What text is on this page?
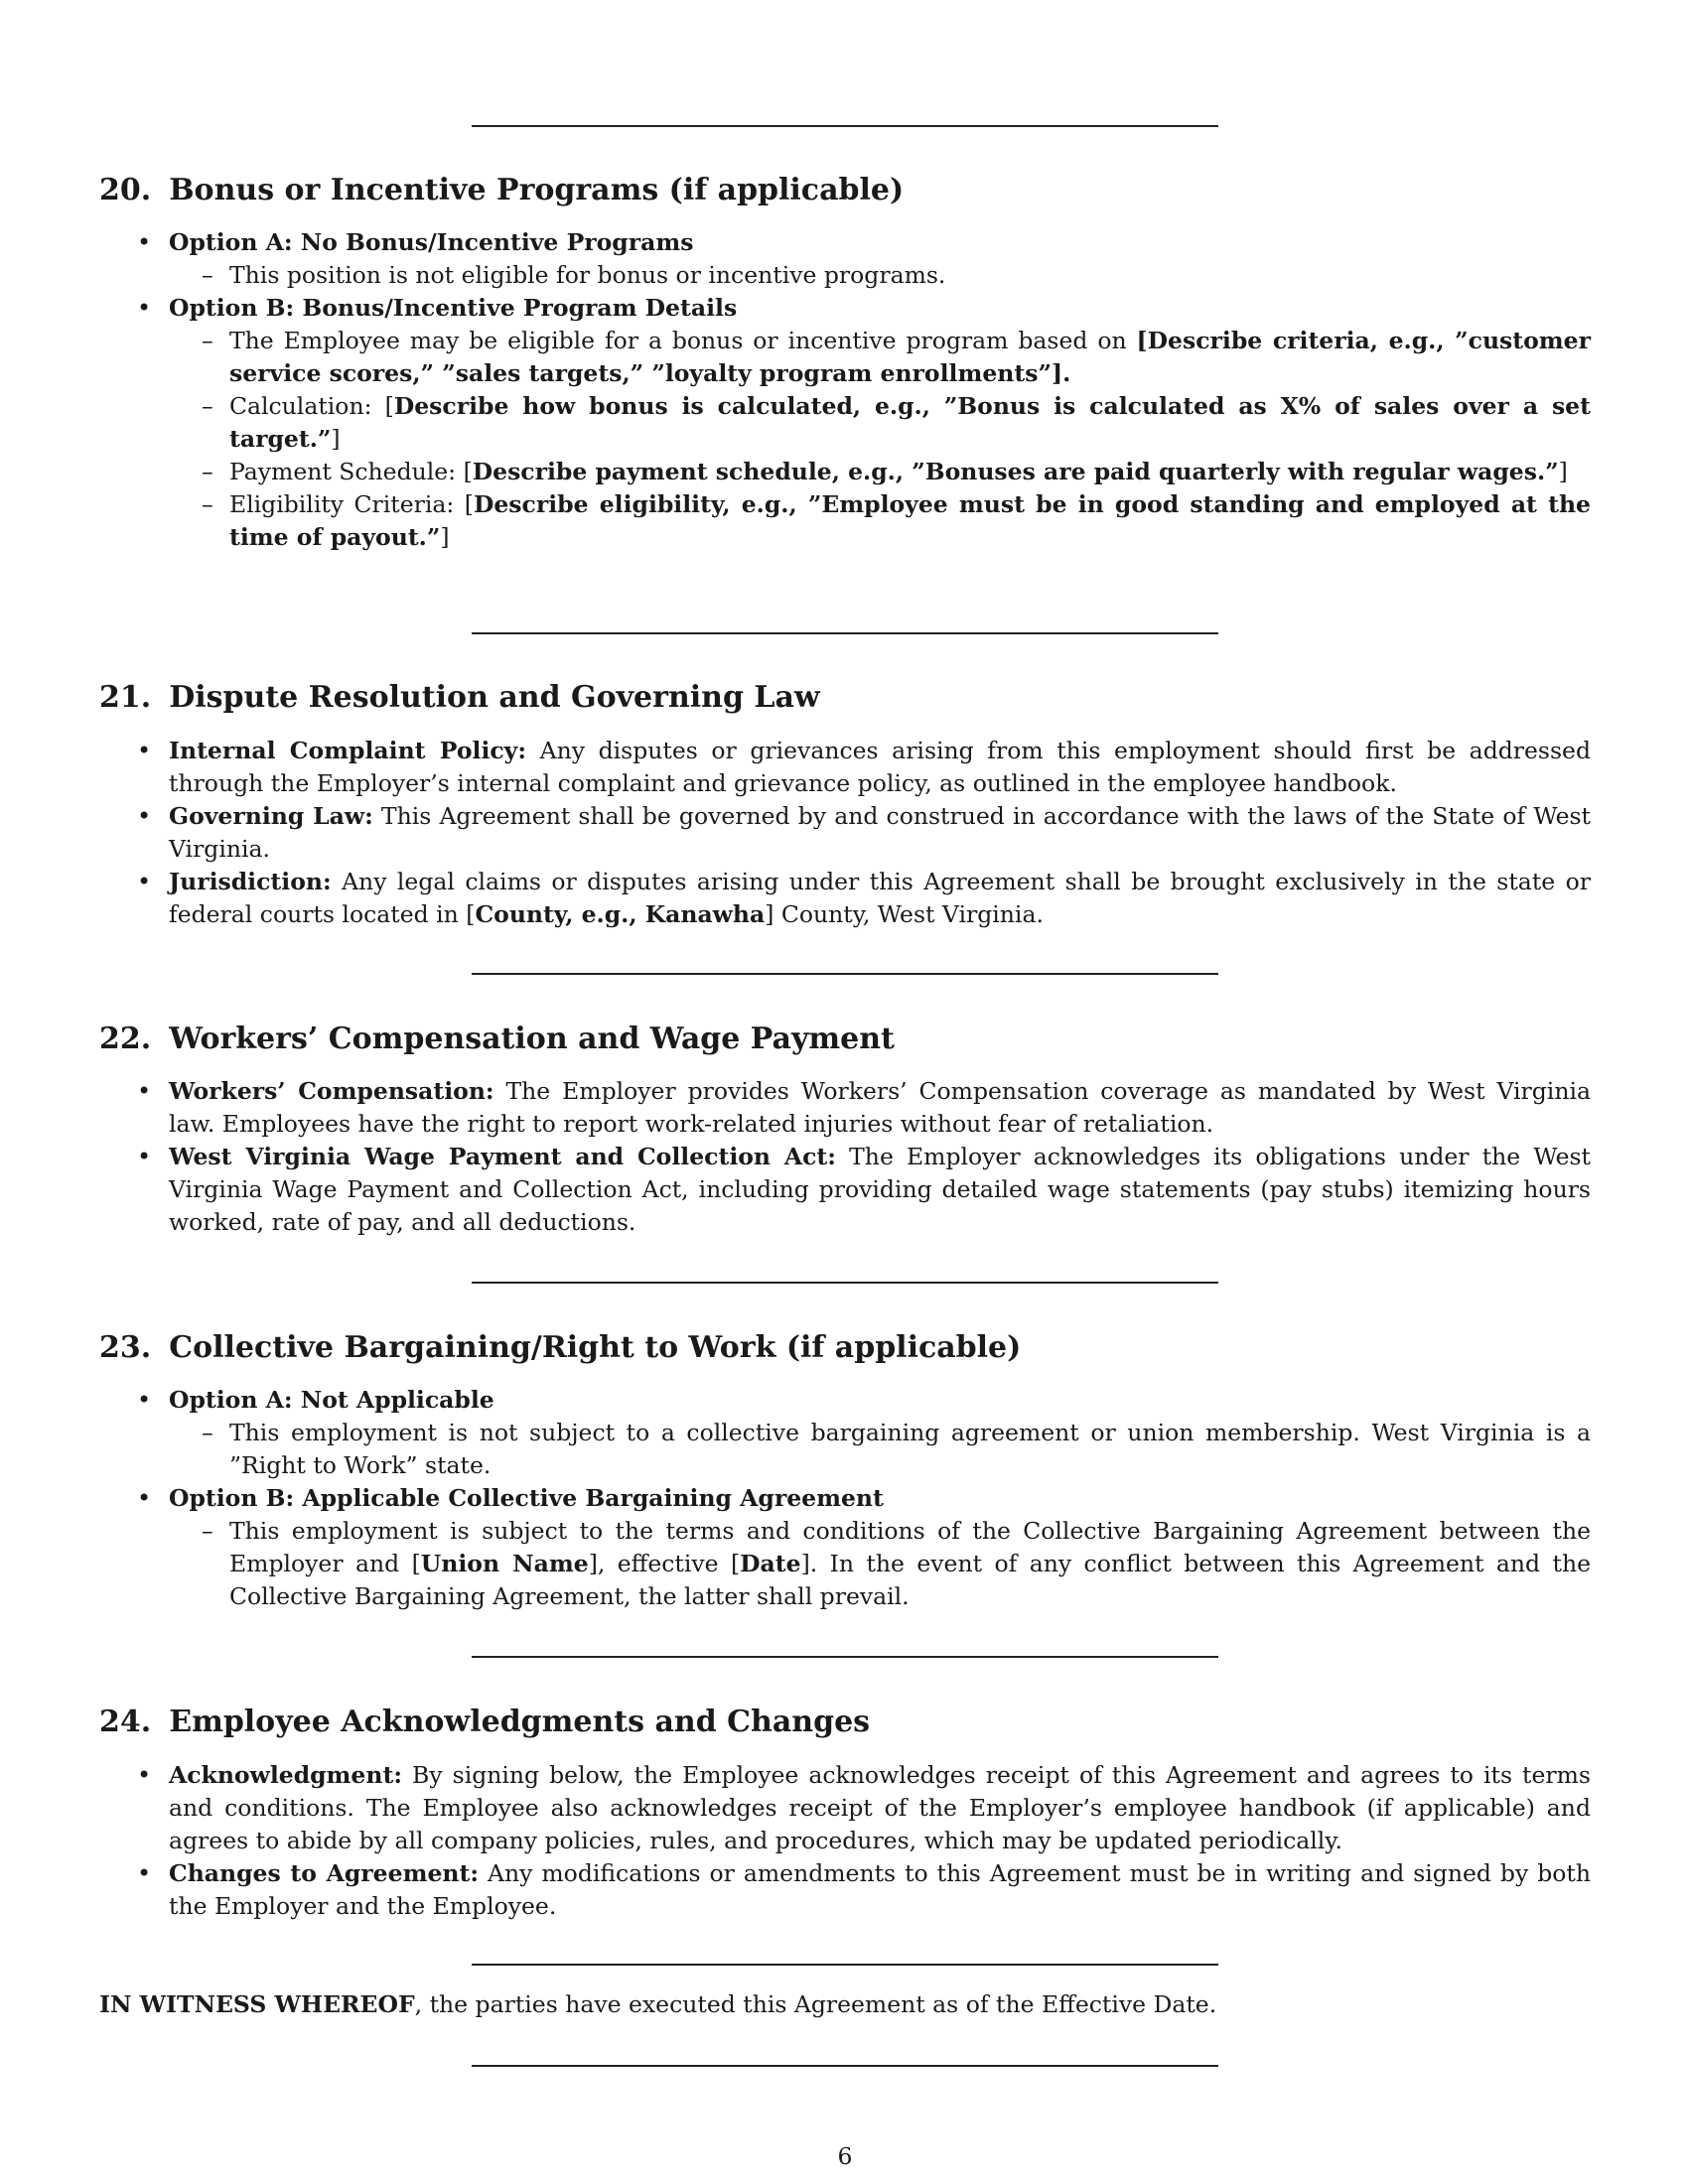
20. Bonus or Incentive Programs (if applicable)
• Option A: No Bonus/Incentive Programs
– This position is not eligible for bonus or incentive programs.
• Option B: Bonus/Incentive Program Details
– The Employee may be eligible for a bonus or incentive program based on [Describe criteria, e.g., ”customer service scores,” ”sales targets,” ”loyalty program enrollments”].
– Calculation: [Describe how bonus is calculated, e.g., ”Bonus is calculated as X% of sales over a set target.”]
– Payment Schedule: [Describe payment schedule, e.g., ”Bonuses are paid quarterly with regular wages.”]
– Eligibility Criteria: [Describe eligibility, e.g., ”Employee must be in good standing and employed at the time of payout.”]
21. Dispute Resolution and Governing Law
• Internal Complaint Policy: Any disputes or grievances arising from this employment should first be addressed through the Employer’s internal complaint and grievance policy, as outlined in the employee handbook.
• Governing Law: This Agreement shall be governed by and construed in accordance with the laws of the State of West Virginia.
• Jurisdiction: Any legal claims or disputes arising under this Agreement shall be brought exclusively in the state or federal courts located in [County, e.g., Kanawha] County, West Virginia.
22. Workers’ Compensation and Wage Payment
• Workers’ Compensation: The Employer provides Workers’ Compensation coverage as mandated by West Virginia law. Employees have the right to report work-related injuries without fear of retaliation.
• West Virginia Wage Payment and Collection Act: The Employer acknowledges its obligations under the West Virginia Wage Payment and Collection Act, including providing detailed wage statements (pay stubs) itemizing hours worked, rate of pay, and all deductions.
23. Collective Bargaining/Right to Work (if applicable)
• Option A: Not Applicable
– This employment is not subject to a collective bargaining agreement or union membership. West Virginia is a ”Right to Work” state.
• Option B: Applicable Collective Bargaining Agreement
– This employment is subject to the terms and conditions of the Collective Bargaining Agreement between the Employer and [Union Name], effective [Date]. In the event of any conflict between this Agreement and the Collective Bargaining Agreement, the latter shall prevail.
24. Employee Acknowledgments and Changes
• Acknowledgment: By signing below, the Employee acknowledges receipt of this Agreement and agrees to its terms and conditions. The Employee also acknowledges receipt of the Employer’s employee handbook (if applicable) and agrees to abide by all company policies, rules, and procedures, which may be updated periodically.
• Changes to Agreement: Any modifications or amendments to this Agreement must be in writing and signed by both the Employer and the Employee.
IN WITNESS WHEREOF, the parties have executed this Agreement as of the Effective Date.
6
